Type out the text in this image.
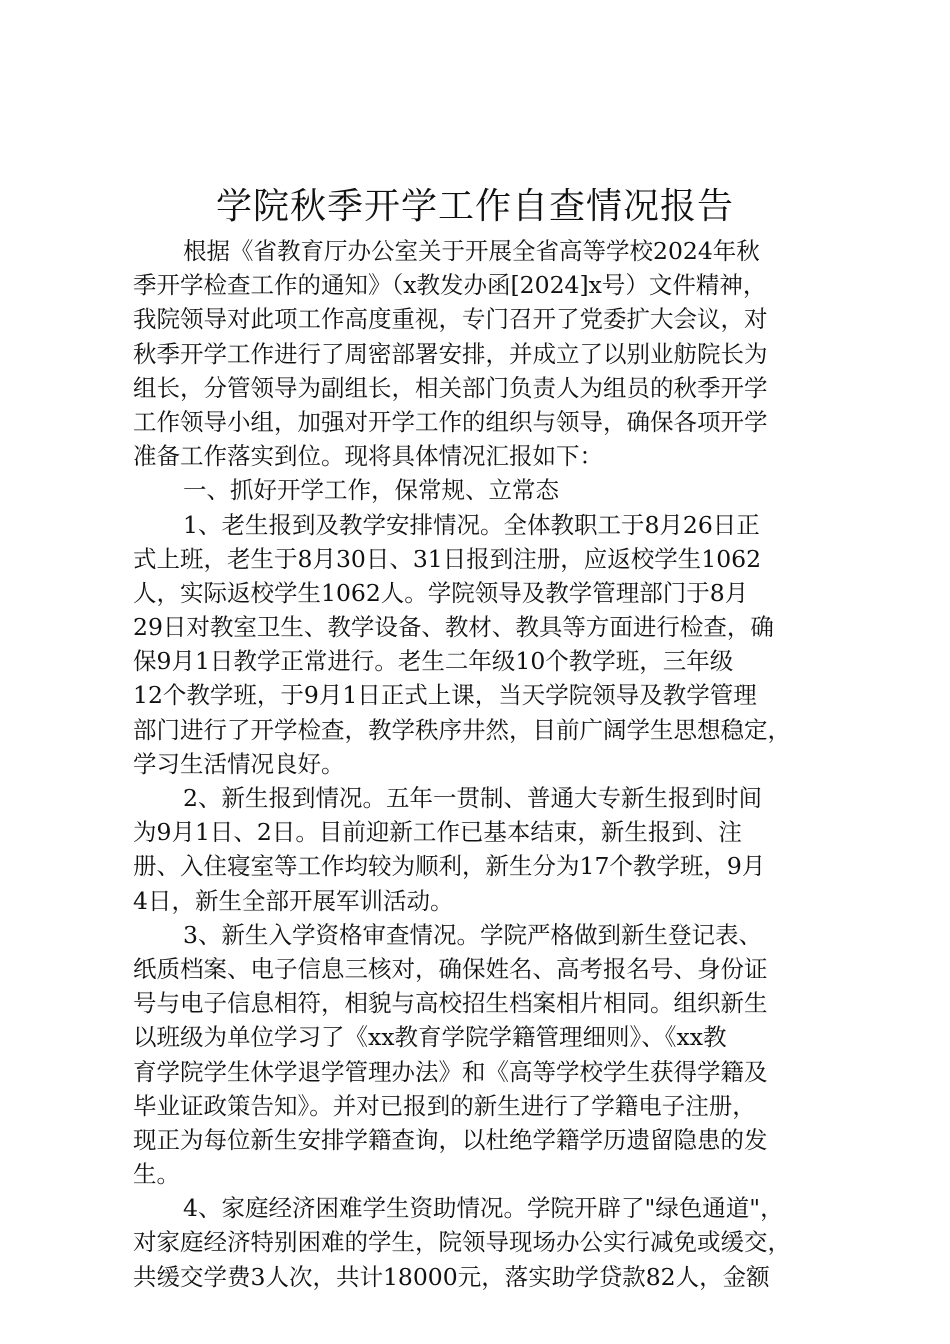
学院秋季开学工作自查情况报告
根据《省教育厅办公室关于开展全省高等学校2024年秋
季开学检查工作的通知》（x教发办函[2024]x号）文件精神，
我院领导对此项工作高度重视，专门召开了党委扩大会议，对
秋季开学工作进行了周密部署安排，并成立了以别业舫院长为
组长，分管领导为副组长，相关部门负责人为组员的秋季开学
工作领导小组，加强对开学工作的组织与领导，确保各项开学
准备工作落实到位。现将具体情况汇报如下：
一、抓好开学工作，保常规、立常态
1、老生报到及教学安排情况。全体教职工于8月26日正
式上班，老生于8月30日、31日报到注册，应返校学生1062
人，实际返校学生1062人。学院领导及教学管理部门于8月
29日对教室卫生、教学设备、教材、教具等方面进行检查，确
保9月1日教学正常进行。老生二年级10个教学班，三年级
12个教学班，于9月1日正式上课，当天学院领导及教学管理
部门进行了开学检查，教学秩序井然，目前广阔学生思想稳定，
学习生活情况良好。
2、新生报到情况。五年一贯制、普通大专新生报到时间
为9月1日、2日。目前迎新工作已基本结束，新生报到、注
册、入住寝室等工作均较为顺利，新生分为17个教学班，9月
4日，新生全部开展军训活动。
3、新生入学资格审查情况。学院严格做到新生登记表、
纸质档案、电子信息三核对，确保姓名、高考报名号、身份证
号与电子信息相符，相貌与高校招生档案相片相同。组织新生
以班级为单位学习了《xx教育学院学籍管理细则》、《xx教
育学院学生休学退学管理办法》和《高等学校学生获得学籍及
毕业证政策告知》。并对已报到的新生进行了学籍电子注册，
现正为每位新生安排学籍查询，以杜绝学籍学历遗留隐患的发
生。
4、家庭经济困难学生资助情况。学院开辟了"绿色通道"，
对家庭经济特别困难的学生，院领导现场办公实行减免或缓交，
共缓交学费3人次，共计18000元，落实助学贷款82人，金额
